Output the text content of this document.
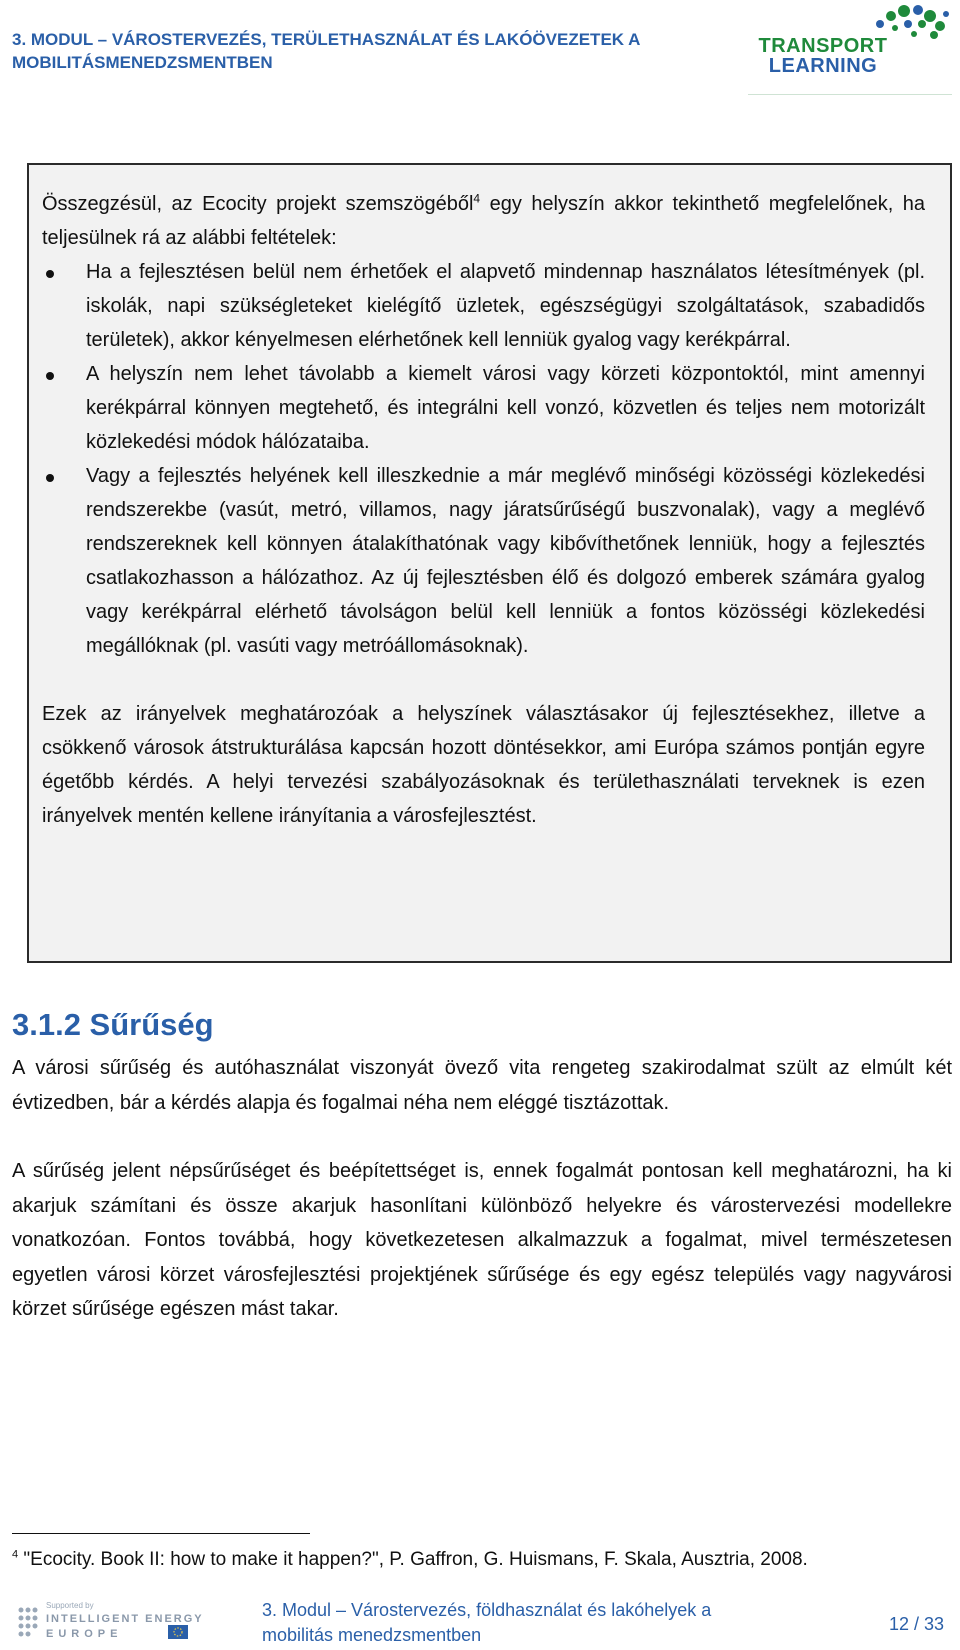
3. MODUL – VÁROSTERVEZÉS, TERÜLETHASZNÁLAT ÉS LAKÓÖVEZETEK A MOBILITÁSMENEDZSMENTBEN
TRANSPORT
LEARNING

Összegzésül, az Ecocity projekt szemszögéből$^4$ egy helyszín akkor tekinthető megfelelőnek, ha teljesülnek rá az alábbi feltételek:

Ha a fejlesztésen belül nem érhetőek el alapvető mindennap használatos létesítmények (pl. iskolák, napi szükségleteket kielégítő üzletek, egészségügyi szolgáltatások, szabadidős területek), akkor kényelmesen elérhetőnek kell lenniük gyalog vagy kerékpárral.
A helyszín nem lehet távolabb a kiemelt városi vagy körzeti központoktól, mint amennyi kerékpárral könnyen megtehető, és integrálni kell vonzó, közvetlen és teljes nem motorizált közlekedési módok hálózataiba.
Vagy a fejlesztés helyének kell illeszkednie a már meglévő minőségi közösségi közlekedési rendszerekbe (vasút, metró, villamos, nagy járatsűrűségű buszvonalak), vagy a meglévő rendszereknek kell könnyen átalakíthatónak vagy kibővíthetőnek lenniük, hogy a fejlesztés csatlakozhasson a hálózathoz. Az új fejlesztésben élő és dolgozó emberek számára gyalog vagy kerékpárral elérhető távolságon belül kell lenniük a fontos közösségi közlekedési megállóknak (pl. vasúti vagy metróállomásoknak).

Ezek az irányelvek meghatározóak a helyszínek választásakor új fejlesztésekhez, illetve a csökkenő városok átstrukturálása kapcsán hozott döntésekkor, ami Európa számos pontján egyre égetőbb kérdés. A helyi tervezési szabályozásoknak és területhasználati terveknek is ezen irányelvek mentén kellene irányítania a városfejlesztést.

3.1.2 Sűrűség

A városi sűrűség és autóhasználat viszonyát övező vita rengeteg szakirodalmat szült az elmúlt két évtizedben, bár a kérdés alapja és fogalmai néha nem eléggé tisztázottak.

A sűrűség jelent népsűrűséget és beépítettséget is, ennek fogalmát pontosan kell meghatározni, ha ki akarjuk számítani és össze akarjuk hasonlítani különböző helyekre és várostervezési modellekre vonatkozóan. Fontos továbbá, hogy következetesen alkalmazzuk a fogalmat, mivel természetesen egyetlen városi körzet városfejlesztési projektjének sűrűsége és egy egész település vagy nagyvárosi körzet sűrűsége egészen mást takar.

$^4$ "Ecocity. Book II: how to make it happen?", P. Gaffron, G. Huismans, F. Skala, Ausztria, 2008.
Supported by
INTELLIGENT ENERGY
EUROPE
3. Modul – Várostervezés, földhasználat és lakóhelyek a
mobilitás menedzsmentben
12 / 33
